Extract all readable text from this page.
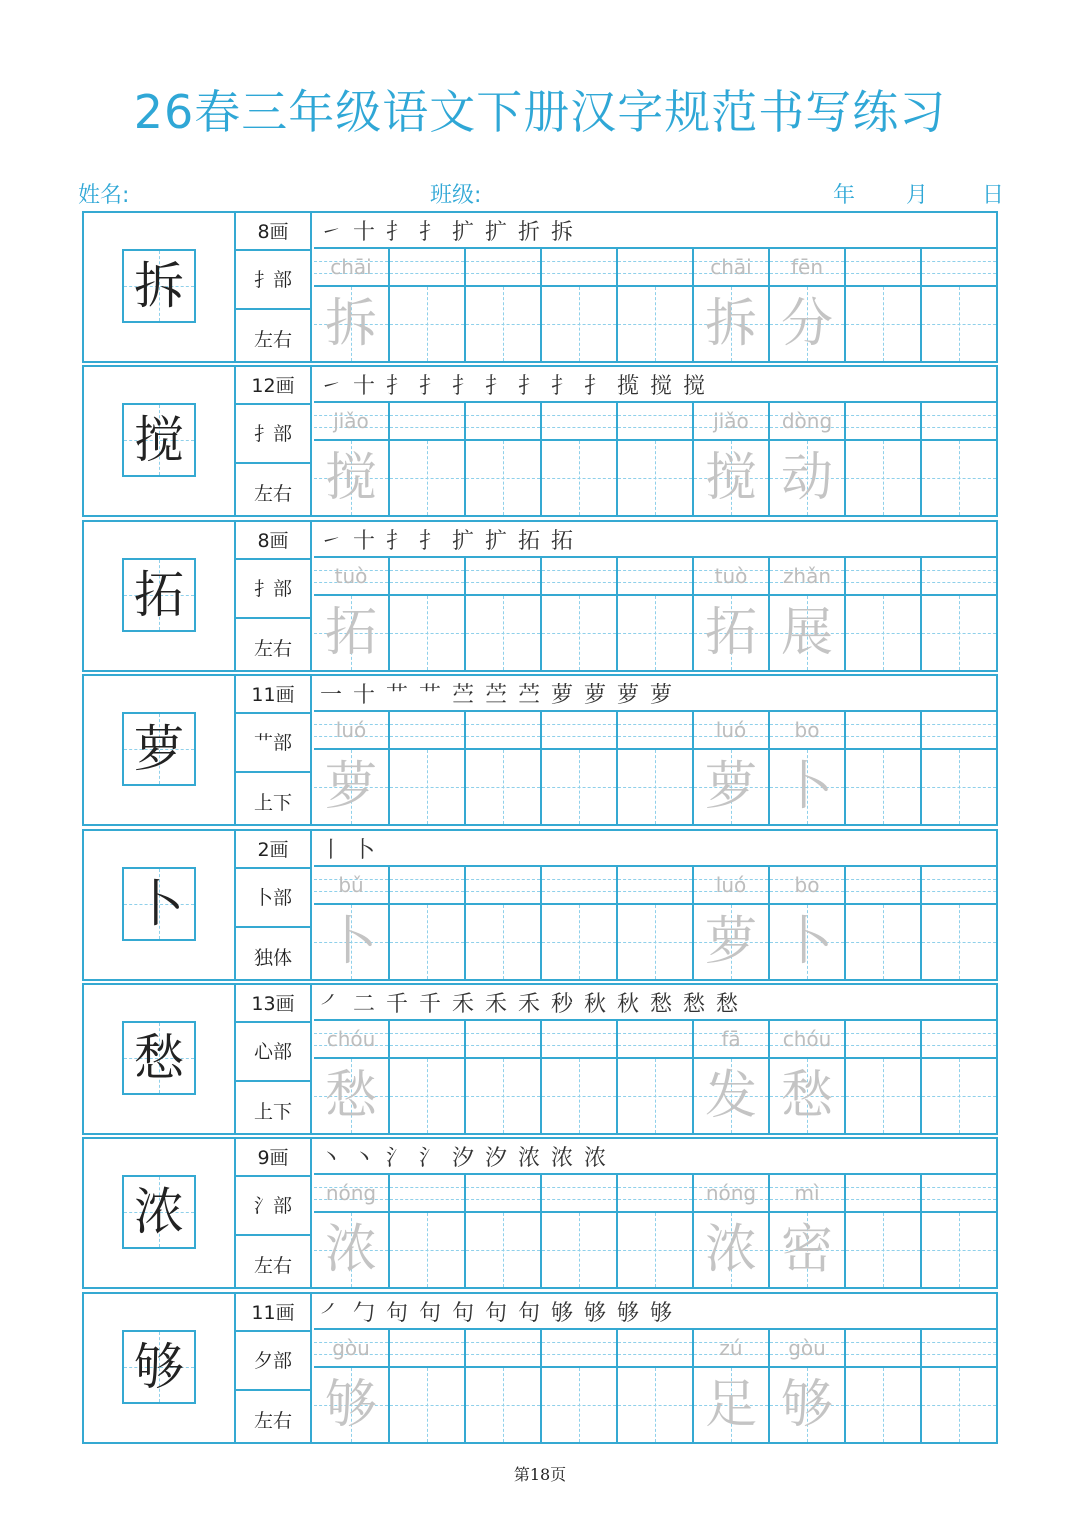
26春三年级语文下册汉字规范书写练习
姓名:	班级:	年 月 日
拆
8画
扌部
左右
㇀ 十 扌 扌 扩 扩 折 拆
chāi
拆
chāi
拆
fēn
分
搅
12画
扌部
左右
㇀ 十 扌 扌 扌 扌 扌 扌 扌 揽 搅 搅
jiǎo
搅
jiǎo
搅
dòng
动
拓
8画
扌部
左右
㇀ 十 扌 扌 扩 扩 拓 拓
tuò
拓
tuò
拓
zhǎn
展
萝
11画
艹部
上下
一 十 艹 艹 苎 苎 苎 萝 萝 萝 萝
luó
萝
luó
萝
bo
卜
卜
2画
卜部
独体
丨 卜
bǔ
卜
luó
萝
bo
卜
愁
13画
心部
上下
㇒ 二 千 千 禾 禾 禾 秒 秋 秋 愁 愁 愁
chóu
愁
fā
发
chóu
愁
浓
9画
氵部
左右
丶 丶 氵 氵 汐 汐 浓 浓 浓
nóng
浓
nóng
浓
mì
密
够
11画
夕部
左右
㇒ 勹 句 句 句 句 句 够 够 够 够
gòu
够
zú
足
gòu
够
第18页
